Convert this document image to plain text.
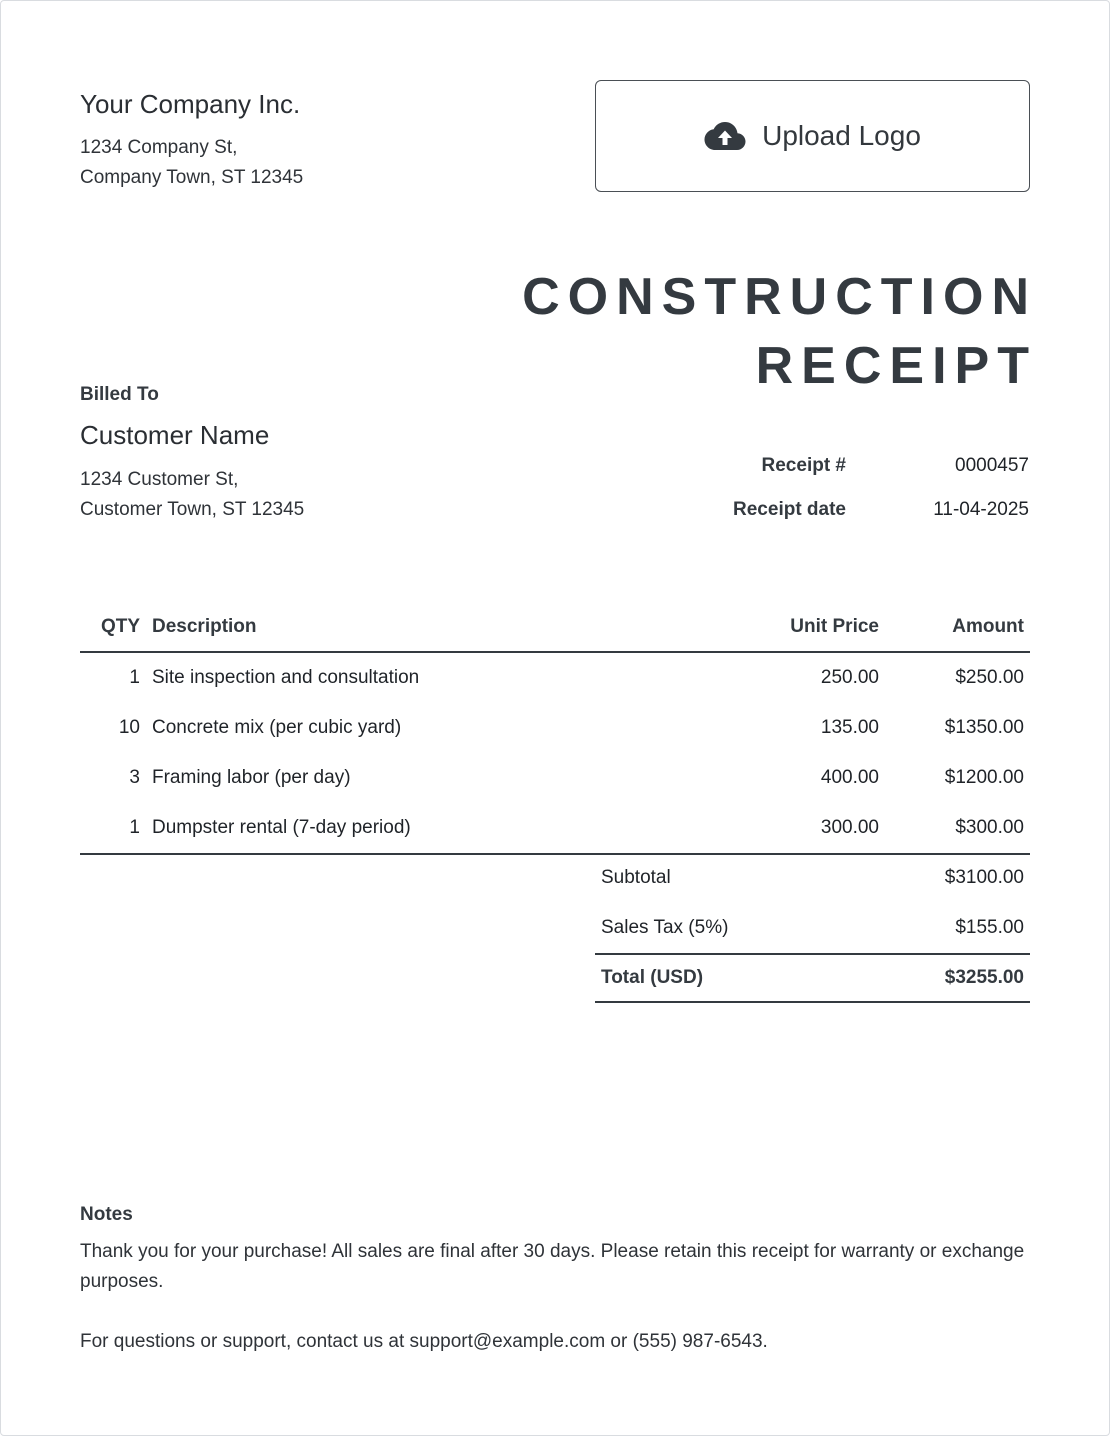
Your Company Inc.
1234 Company St,
Company Town, ST 12345
Upload Logo
CONSTRUCTION
RECEIPT
Billed To
Customer Name
1234 Customer St,
Customer Town, ST 12345
Receipt #	0000457
Receipt date	11-04-2025
QTY	Description	Unit Price	Amount
1	Site inspection and consultation	250.00	$250.00
10	Concrete mix (per cubic yard)	135.00	$1350.00
3	Framing labor (per day)	400.00	$1200.00
1	Dumpster rental (7-day period)	300.00	$300.00
Subtotal	$3100.00
Sales Tax (5%)	$155.00
Total (USD)	$3255.00
Notes

Thank you for your purchase! All sales are final after 30 days. Please retain this receipt for warranty or exchange purposes.

For questions or support, contact us at support@example.com or (555) 987-6543.
